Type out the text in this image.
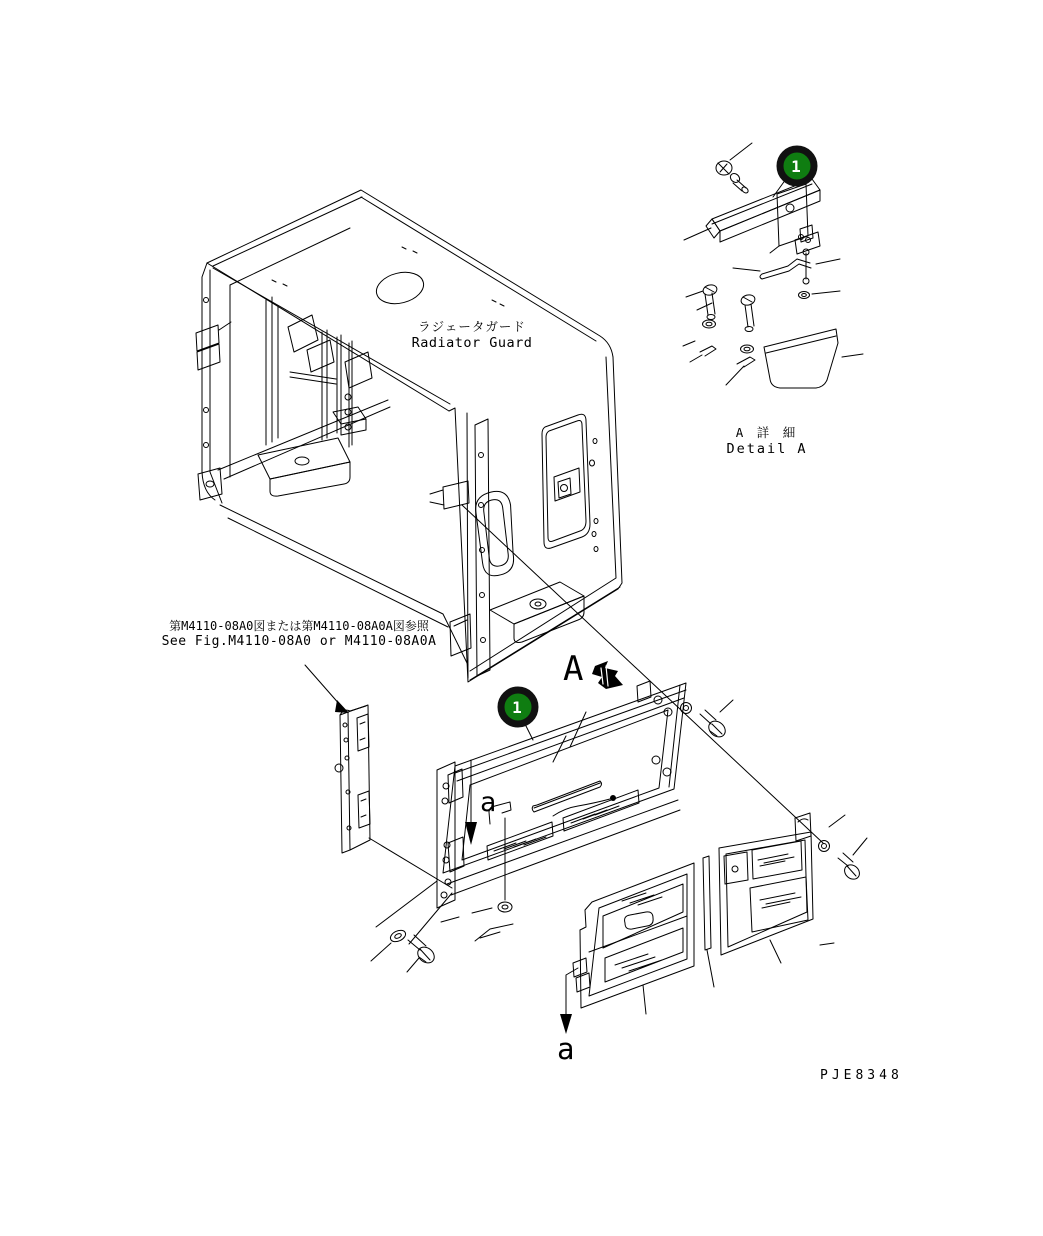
1
1
ラジェータガード
Radiator Guard
A 詳 細
Detail A
第M4110-08A0図または第M4110-08A0A図参照
See Fig.M4110-08A0 or M4110-08A0A
A
a
a
PJE8348
